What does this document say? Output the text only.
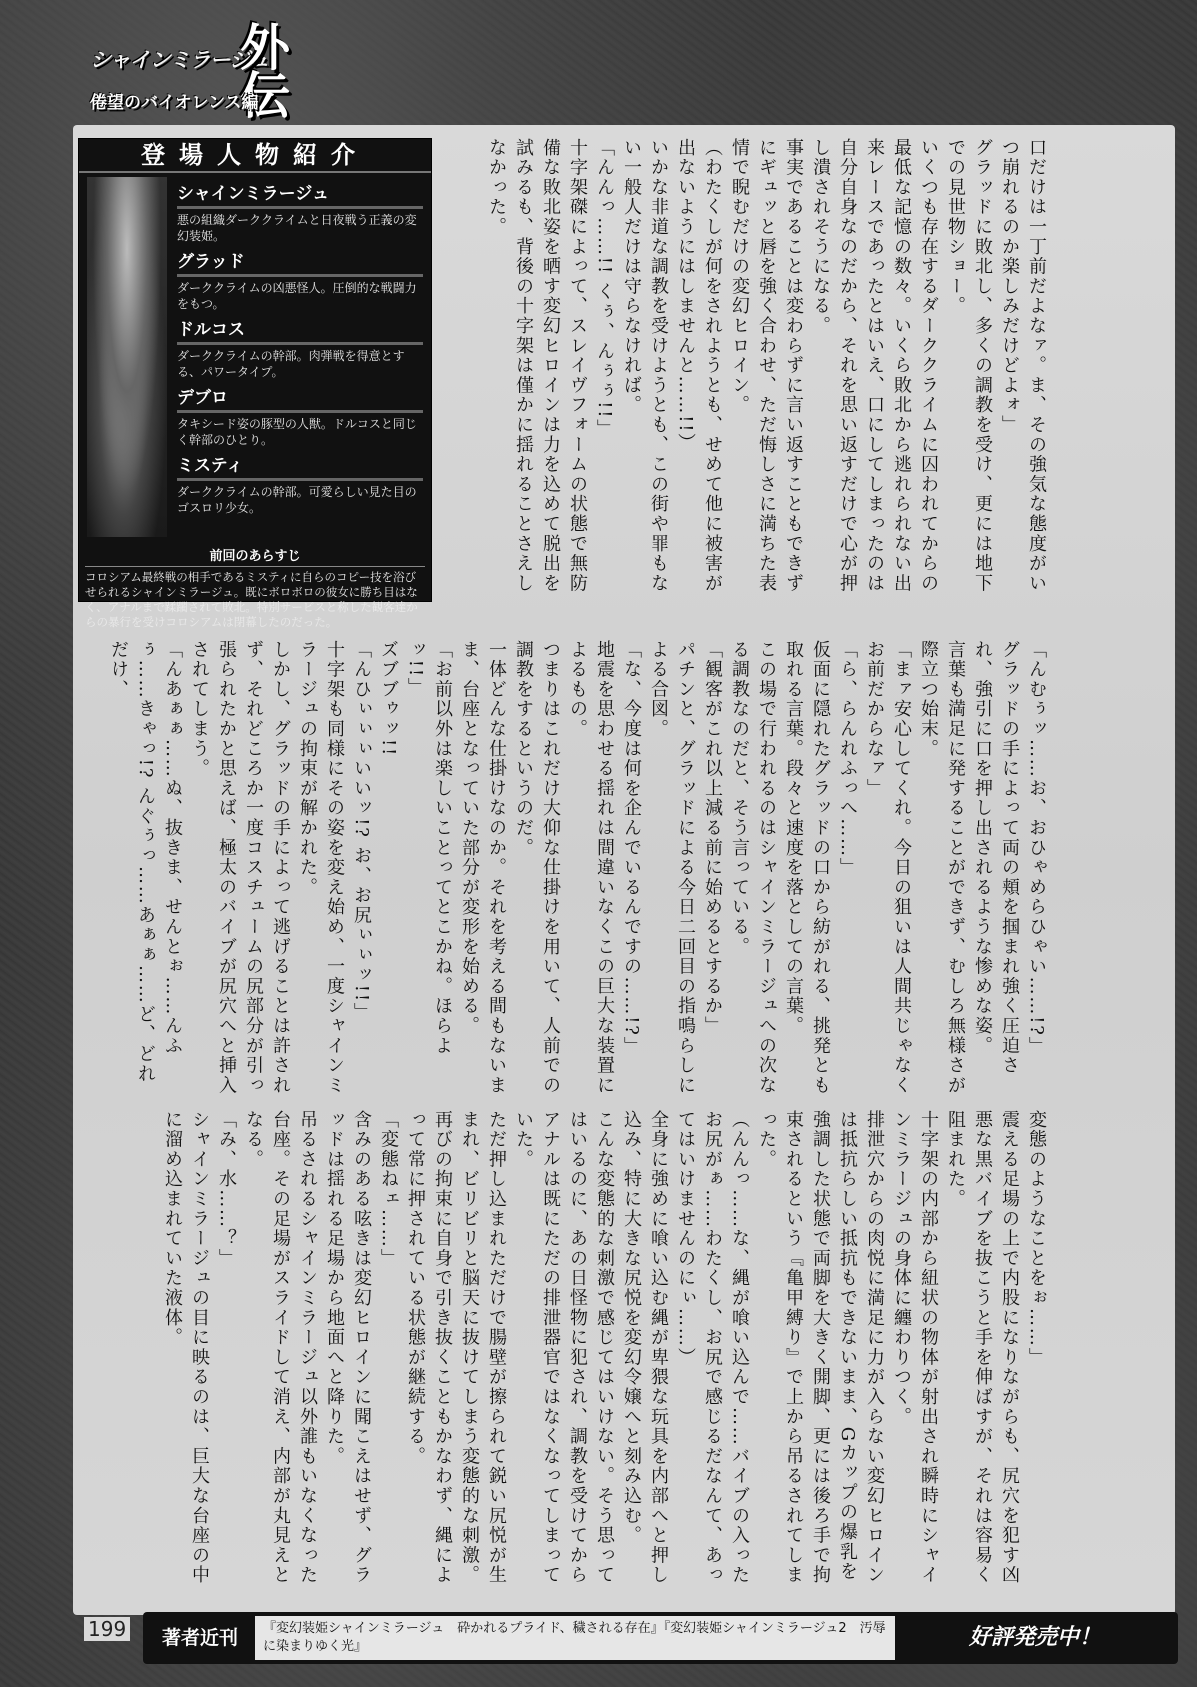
シャインミラージュ
外伝
倦望のバイオレンス編
登場人物紹介
シャインミラージュ
悪の組織ダーククライムと日夜戦う正義の変幻装姫。
グラッド
ダーククライムの凶悪怪人。圧倒的な戦闘力をもつ。
ドルコス
ダーククライムの幹部。肉弾戦を得意とする、パワータイプ。
デブロ
タキシード姿の豚型の人獣。ドルコスと同じく幹部のひとり。
ミスティ
ダーククライムの幹部。可愛らしい見た目のゴスロリ少女。
前回のあらすじ
コロシアム最終戦の相手であるミスティに自らのコピー技を浴びせられるシャインミラージュ。既にボロボロの彼女に勝ち目はなく、アナルまで蹂躙されて敗北。特別サービスと称した観客達からの暴行を受けコロシアムは閉幕したのだった。
口だけは一丁前だよなァ。ま、その強気な態度がいつ崩れるのか楽しみだけどよォ」
グラッドに敗北し、多くの調教を受け、更には地下での見世物ショー。
いくつも存在するダーククライムに囚われてからの最低な記憶の数々。いくら敗北から逃れられない出来レースであったとはいえ、口にしてしまったのは自分自身なのだから、それを思い返すだけで心が押し潰されそうになる。
事実であることは変わらずに言い返すこともできずにギュッと唇を強く合わせ、ただ悔しさに満ちた表情で睨むだけの変幻ヒロイン。
（わたくしが何をされようとも、せめて他に被害が出ないようにはしませんと……!!）
いかな非道な調教を受けようとも、この街や罪もない一般人だけは守らなければ。
「んんっ……!! くぅ、んぅぅ!!」
十字架磔によって、スレイヴフォームの状態で無防備な敗北姿を晒す変幻ヒロインは力を込めて脱出を試みるも、背後の十字架は僅かに揺れることさえしなかった。
「んむぅッ……お、おひゃめらひゃい……!?」
グラッドの手によって両の頬を掴まれ強く圧迫され、強引に口を押し出されるような惨めな姿。
言葉も満足に発することができず、むしろ無様さが際立つ始末。
「まァ安心してくれ。今日の狙いは人間共じゃなくお前だからなァ」
「ら、らんれふっへ……」
仮面に隠れたグラッドの口から紡がれる、挑発とも取れる言葉。段々と速度を落としての言葉。
この場で行われるのはシャインミラージュへの次なる調教なのだと、そう言っている。
「観客がこれ以上減る前に始めるとするか」
パチンと、グラッドによる今日二回目の指鳴らしによる合図。
「な、今度は何を企んでいるんですの……!?」
地震を思わせる揺れは間違いなくこの巨大な装置によるもの。
つまりはこれだけ大仰な仕掛けを用いて、人前での調教をするというのだ。
一体どんな仕掛けなのか。それを考える間もないまま、台座となっていた部分が変形を始める。
「お前以外は楽しいことってとこかね。ほらよッ!!」
ズブブゥッ!!
「んひぃぃぃいいッ!? お、お尻ぃぃッ!!」
十字架も同様にその姿を変え始め、一度シャインミラージュの拘束が解かれた。
しかし、グラッドの手によって逃げることは許されず、それどころか一度コスチュームの尻部分が引っ張られたかと思えば、極太のバイブが尻穴へと挿入されてしまう。
「んあぁぁ……ぬ、抜きま、せんとぉ……んふぅ……きゃっ!? んぐぅっ……あぁぁ……ど、どれだけ、
変態のようなことをぉ……」
震える足場の上で内股になりながらも、尻穴を犯す凶悪な黒バイブを抜こうと手を伸ばすが、それは容易く阻まれた。
十字架の内部から紐状の物体が射出され瞬時にシャインミラージュの身体に纏わりつく。
排泄穴からの肉悦に満足に力が入らない変幻ヒロインは抵抗らしい抵抗もできないまま、Gカップの爆乳を強調した状態で両脚を大きく開脚、更には後ろ手で拘束されるという『亀甲縛り』で上から吊るされてしまった。
（んんっ……な、縄が喰い込んで……バイブの入ったお尻がぁ……わたくし、お尻で感じるだなんて、あってはいけませんのにぃ……）
全身に強めに喰い込む縄が卑猥な玩具を内部へと押し込み、特に大きな尻悦を変幻令嬢へと刻み込む。
こんな変態的な刺激で感じてはいけない。そう思ってはいるのに、あの日怪物に犯され、調教を受けてからアナルは既にただの排泄器官ではなくなってしまっていた。
ただ押し込まれただけで腸壁が擦られて鋭い尻悦が生まれ、ビリビリと脳天に抜けてしまう変態的な刺激。
再びの拘束に自身で引き抜くこともかなわず、縄によって常に押されている状態が継続する。
「変態ねェ……」
含みのある呟きは変幻ヒロインに聞こえはせず、グラッドは揺れる足場から地面へと降りた。
吊るされるシャインミラージュ以外誰もいなくなった台座。その足場がスライドして消え、内部が丸見えとなる。
「み、水……？」
シャインミラージュの目に映るのは、巨大な台座の中に溜め込まれていた液体。
199	著者近刊	『変幻装姫シャインミラージュ　砕かれるプライド、穢される存在』『変幻装姫シャインミラージュ2　汚辱に染まりゆく光』	好評発売中！
